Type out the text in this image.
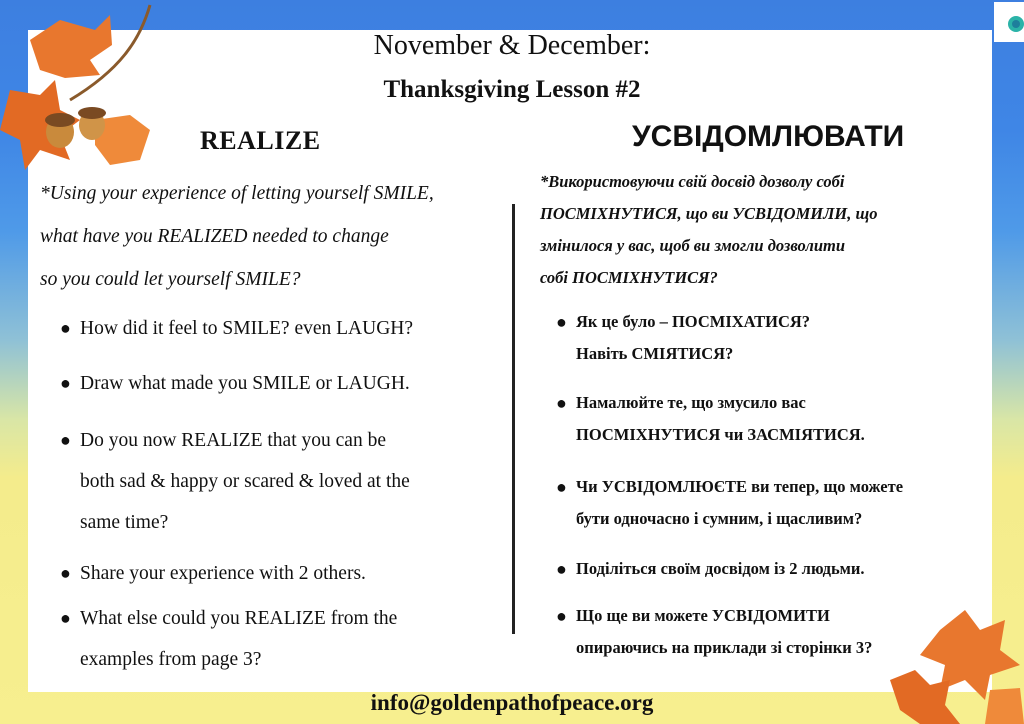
November & December:
Thanksgiving Lesson #2
REALIZE	УСВІДОМЛЮВАТИ
*Using your experience of letting yourself SMILE,
what have you REALIZED needed to change
so you could let yourself SMILE?
*Використовуючи свій досвід дозволу собі
ПОСМІХНУТИСЯ, що ви УСВІДОМИЛИ, що
змінилося у вас, щоб ви змогли дозволити
собі ПОСМІХНУТИСЯ?
● How did it feel to SMILE? even LAUGH?
● Draw what made you SMILE or LAUGH.
● Do you now REALIZE that you can be
both sad & happy or scared & loved at the
same time?
● Share your experience with 2 others.
● What else could you REALIZE from the
examples from page 3?
● Як це було – ПОСМІХАТИСЯ?
Навіть СМІЯТИСЯ?
● Намалюйте те, що змусило вас
ПОСМІХНУТИСЯ чи ЗАСМІЯТИСЯ.
● Чи УСВІДОМЛЮЄТЕ ви тепер, що можете
бути одночасно і сумним, і щасливим?
● Поділіться своїм досвідом із 2 людьми.
● Що ще ви можете УСВІДОМИТИ
опираючись на приклади зі сторінки 3?
info@goldenpathofpeace.org
